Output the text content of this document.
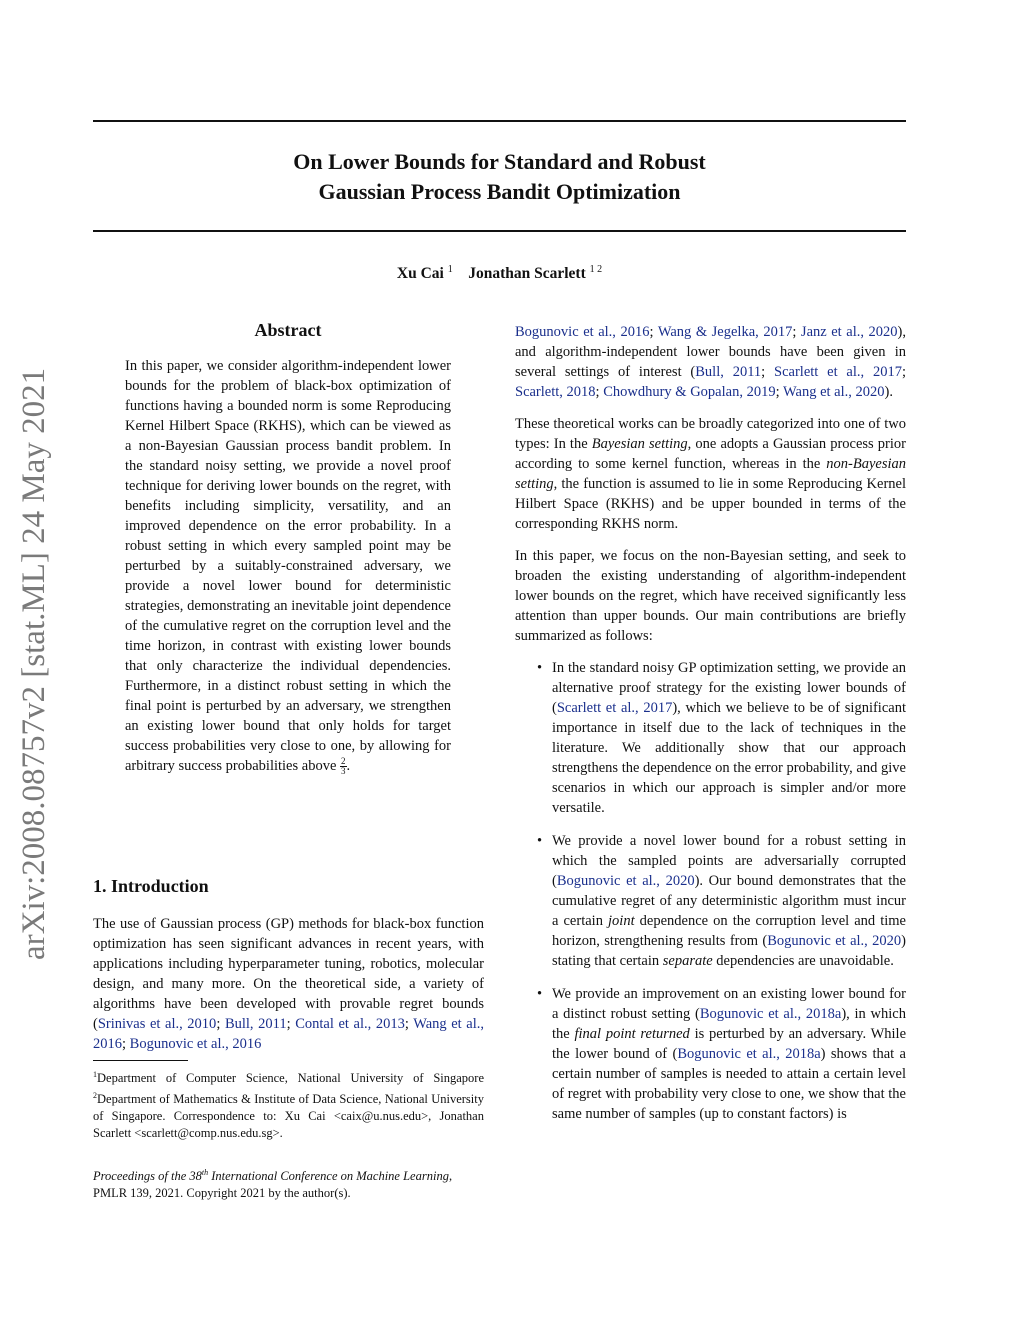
arXiv:2008.08757v2 [stat.ML] 24 May 2021
On Lower Bounds for Standard and Robust
Gaussian Process Bandit Optimization
Xu Cai $^1$ Jonathan Scarlett $^{1 2}$
Abstract
In this paper, we consider algorithm-independent lower bounds for the problem of black-box optimization of functions having a bounded norm is some Reproducing Kernel Hilbert Space (RKHS), which can be viewed as a non-Bayesian Gaussian process bandit problem. In the standard noisy setting, we provide a novel proof technique for deriving lower bounds on the regret, with benefits including simplicity, versatility, and an improved dependence on the error probability. In a robust setting in which every sampled point may be perturbed by a suitably-constrained adversary, we provide a novel lower bound for deterministic strategies, demonstrating an inevitable joint dependence of the cumulative regret on the corruption level and the time horizon, in contrast with existing lower bounds that only characterize the individual dependencies. Furthermore, in a distinct robust setting in which the final point is perturbed by an adversary, we strengthen an existing lower bound that only holds for target success probabilities very close to one, by allowing for arbitrary success probabilities above $\frac{2}{3}$ .
1. Introduction
The use of Gaussian process (GP) methods for black-box function optimization has seen significant advances in recent years, with applications including hyperparameter tuning, robotics, molecular design, and many more. On the theoretical side, a variety of algorithms have been developed with provable regret bounds (Srinivas et al., 2010; Bull, 2011; Contal et al., 2013; Wang et al., 2016; Bogunovic et al., 2016
$^1$Department of Computer Science, National University of Singapore $^2$Department of Mathematics & Institute of Data Science, National University of Singapore. Correspondence to: Xu Cai <caix@u.nus.edu>, Jonathan Scarlett <scarlett@comp.nus.edu.sg>.
Proceedings of the 38th International Conference on Machine Learning, PMLR 139, 2021. Copyright 2021 by the author(s).

Bogunovic et al., 2016; Wang & Jegelka, 2017; Janz et al., 2020), and algorithm-independent lower bounds have been given in several settings of interest (Bull, 2011; Scarlett et al., 2017; Scarlett, 2018; Chowdhury & Gopalan, 2019; Wang et al., 2020).

These theoretical works can be broadly categorized into one of two types: In the Bayesian setting, one adopts a Gaussian process prior according to some kernel function, whereas in the non-Bayesian setting, the function is assumed to lie in some Reproducing Kernel Hilbert Space (RKHS) and be upper bounded in terms of the corresponding RKHS norm.

In this paper, we focus on the non-Bayesian setting, and seek to broaden the existing understanding of algorithm-independent lower bounds on the regret, which have received significantly less attention than upper bounds. Our main contributions are briefly summarized as follows:

• In the standard noisy GP optimization setting, we provide an alternative proof strategy for the existing lower bounds of (Scarlett et al., 2017), which we believe to be of significant importance in itself due to the lack of techniques in the literature. We additionally show that our approach strengthens the dependence on the error probability, and give scenarios in which our approach is simpler and/or more versatile.
• We provide a novel lower bound for a robust setting in which the sampled points are adversarially corrupted (Bogunovic et al., 2020). Our bound demonstrates that the cumulative regret of any deterministic algorithm must incur a certain joint dependence on the corruption level and time horizon, strengthening results from (Bogunovic et al., 2020) stating that certain separate dependencies are unavoidable.
• We provide an improvement on an existing lower bound for a distinct robust setting (Bogunovic et al., 2018a), in which the final point returned is perturbed by an adversary. While the lower bound of (Bogunovic et al., 2018a) shows that a certain number of samples is needed to attain a certain level of regret with probability very close to one, we show that the same number of samples (up to constant factors) is
